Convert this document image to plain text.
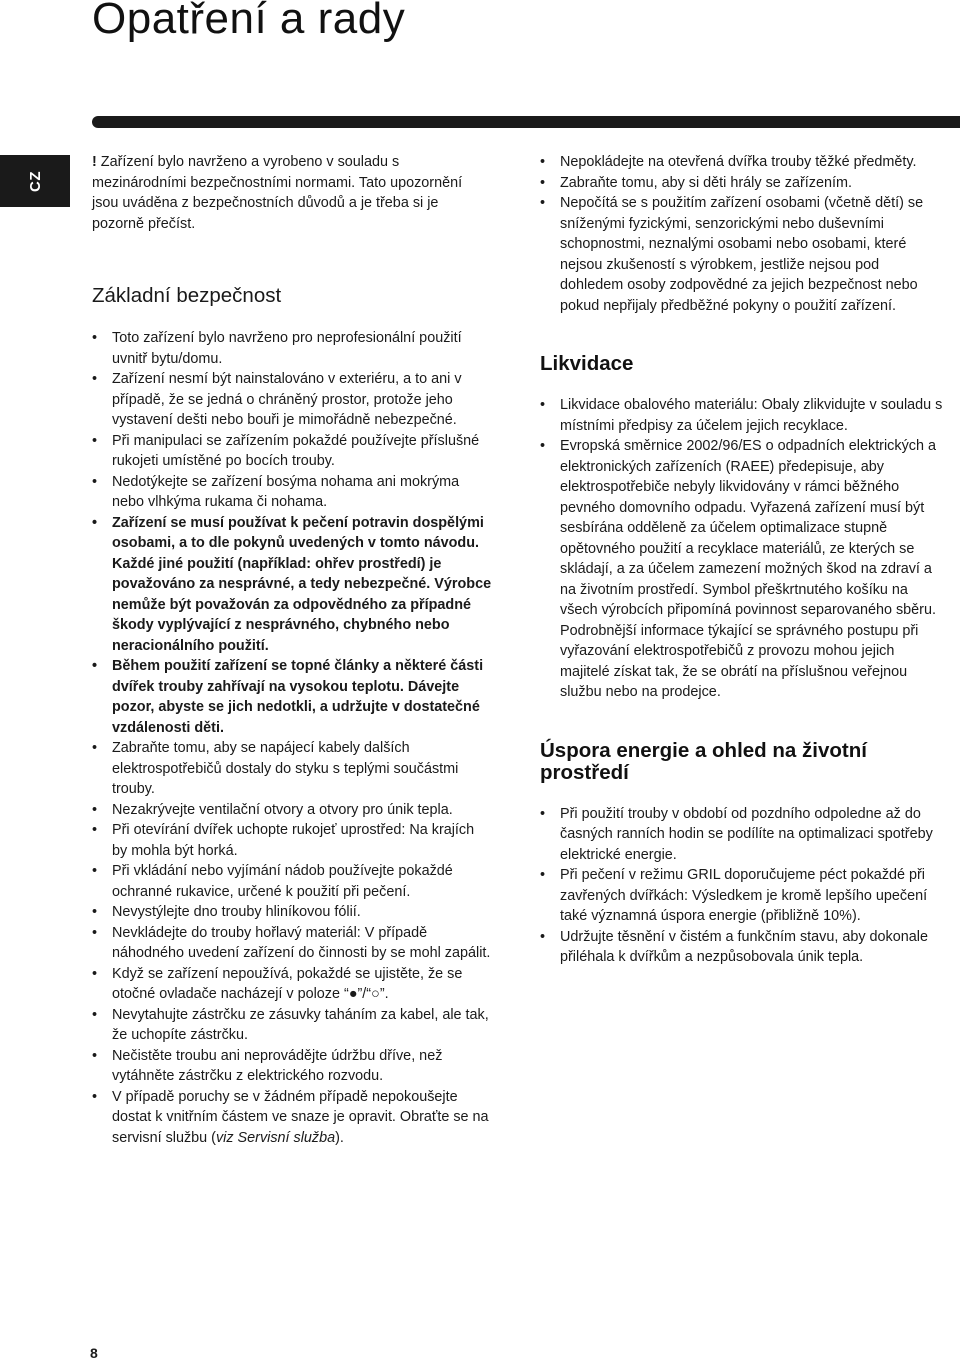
Opatření a rady
CZ

! Zařízení bylo navrženo a vyrobeno v souladu s mezinárodními bezpečnostními normami. Tato upozornění jsou uváděna z bezpečnostních důvodů a je třeba si je pozorně přečíst.

Základní bezpečnost
• Toto zařízení bylo navrženo pro neprofesionální použití uvnitř bytu/domu.
• Zařízení nesmí být nainstalováno v exteriéru, a to ani v případě, že se jedná o chráněný prostor, protože jeho vystavení dešti nebo bouři je mimořádně nebezpečné.
• Při manipulaci se zařízením pokaždé používejte příslušné rukojeti umístěné po bocích trouby.
• Nedotýkejte se zařízení bosýma nohama ani mokrýma nebo vlhkýma rukama či nohama.
• Zařízení se musí používat k pečení potravin dospělými osobami, a to dle pokynů uvedených v tomto návodu. Každé jiné použití (například: ohřev prostředí) je považováno za nesprávné, a tedy nebezpečné. Výrobce nemůže být považován za odpovědného za případné škody vyplývající z nesprávného, chybného nebo neracionálního použití.
• Během použití zařízení se topné články a některé části dvířek trouby zahřívají na vysokou teplotu. Dávejte pozor, abyste se jich nedotkli, a udržujte v dostatečné vzdálenosti děti.
• Zabraňte tomu, aby se napájecí kabely dalších elektrospotřebičů dostaly do styku s teplými součástmi trouby.
• Nezakrývejte ventilační otvory a otvory pro únik tepla.
• Při otevírání dvířek uchopte rukojeť uprostřed: Na krajích by mohla být horká.
• Při vkládání nebo vyjímání nádob používejte pokaždé ochranné rukavice, určené k použití při pečení.
• Nevystýlejte dno trouby hliníkovou fólií.
• Nevkládejte do trouby hořlavý materiál: V případě náhodného uvedení zařízení do činnosti by se mohl zapálit.
• Když se zařízení nepoužívá, pokaždé se ujistěte, že se otočné ovladače nacházejí v poloze “●”/“○”.
• Nevytahujte zástrčku ze zásuvky taháním za kabel, ale tak, že uchopíte zástrčku.
• Nečistěte troubu ani neprovádějte údržbu dříve, než vytáhněte zástrčku z elektrického rozvodu.
• V případě poruchy se v žádném případě nepokoušejte dostat k vnitřním částem ve snaze je opravit. Obraťte se na servisní službu (viz Servisní služba).
• Nepokládejte na otevřená dvířka trouby těžké předměty.
• Zabraňte tomu, aby si děti hrály se zařízením.
• Nepočítá se s použitím zařízení osobami (včetně dětí) se sníženými fyzickými, senzorickými nebo duševními schopnostmi, neznalými osobami nebo osobami, které nejsou zkušeností s výrobkem, jestliže nejsou pod dohledem osoby zodpovědné za jejich bezpečnost nebo pokud nepřijaly předběžné pokyny o použití zařízení.
Likvidace
• Likvidace obalového materiálu: Obaly zlikvidujte v souladu s místními předpisy za účelem jejich recyklace.
• Evropská směrnice 2002/96/ES o odpadních elektrických a elektronických zařízeních (RAEE) předepisuje, aby elektrospotřebiče nebyly likvidovány v rámci běžného pevného domovního odpadu. Vyřazená zařízení musí být sesbírána odděleně za účelem optimalizace stupně opětovného použití a recyklace materiálů, ze kterých se skládají, a za účelem zamezení možných škod na zdraví a na životním prostředí. Symbol přeškrtnutého košíku na všech výrobcích připomíná povinnost separovaného sběru. Podrobnější informace týkající se správného postupu při vyřazování elektrospotřebičů z provozu mohou jejich majitelé získat tak, že se obrátí na příslušnou veřejnou službu nebo na prodejce.
Úspora energie a ohled na životní prostředí
• Při použití trouby v období od pozdního odpoledne až do časných ranních hodin se podílíte na optimalizaci spotřeby elektrické energie.
• Při pečení v režimu GRIL doporučujeme péct pokaždé při zavřených dvířkách: Výsledkem je kromě lepšího upečení také významná úspora energie (přibližně 10%).
• Udržujte těsnění v čistém a funkčním stavu, aby dokonale přiléhala k dvířkům a nezpůsobovala únik tepla.
8
